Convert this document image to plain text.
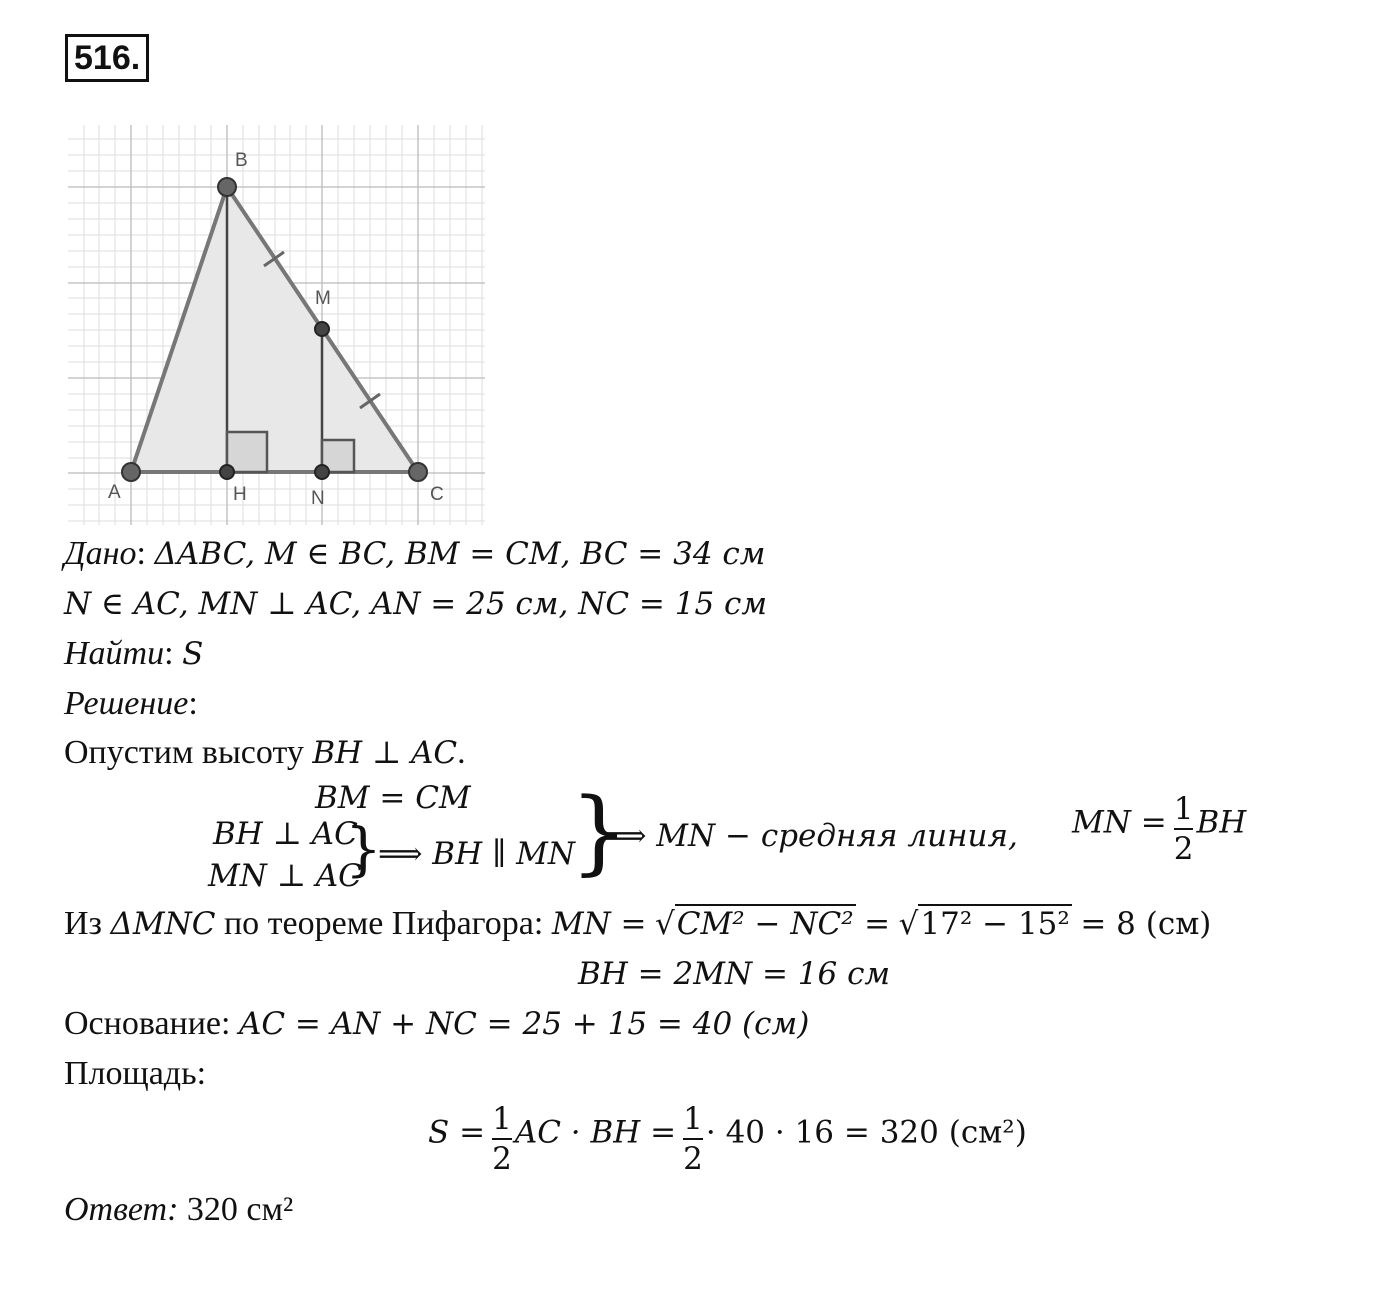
516.
B
M
A	H	N	C
Дано: ΔABC, M ∈ BC, BM = CM, BC = 34 см
N ∈ AC, MN ⊥ AC, AN = 25 см, NC = 15 см
Найти: S
Решение:
Опустим высоту BH ⊥ AC.
BM = CM
BH ⊥ AC
MN ⊥ AC
}
⟹ BH ∥ MN
}
⟹ MN − средняя линия, MN = $\frac{1}{2}$ BH
Из ΔMNC по теореме Пифагора: MN = √CM² − NC² = √17² − 15² = 8 (см)
BH = 2MN = 16 см
Основание: AC = AN + NC = 25 + 15 = 40 (см)
Площадь:
$S = \frac{1}{2}$ AC · BH = $\frac{1}{2} \cdot 40 \cdot 16 = 320$ (см²)
Ответ: 320 см²
